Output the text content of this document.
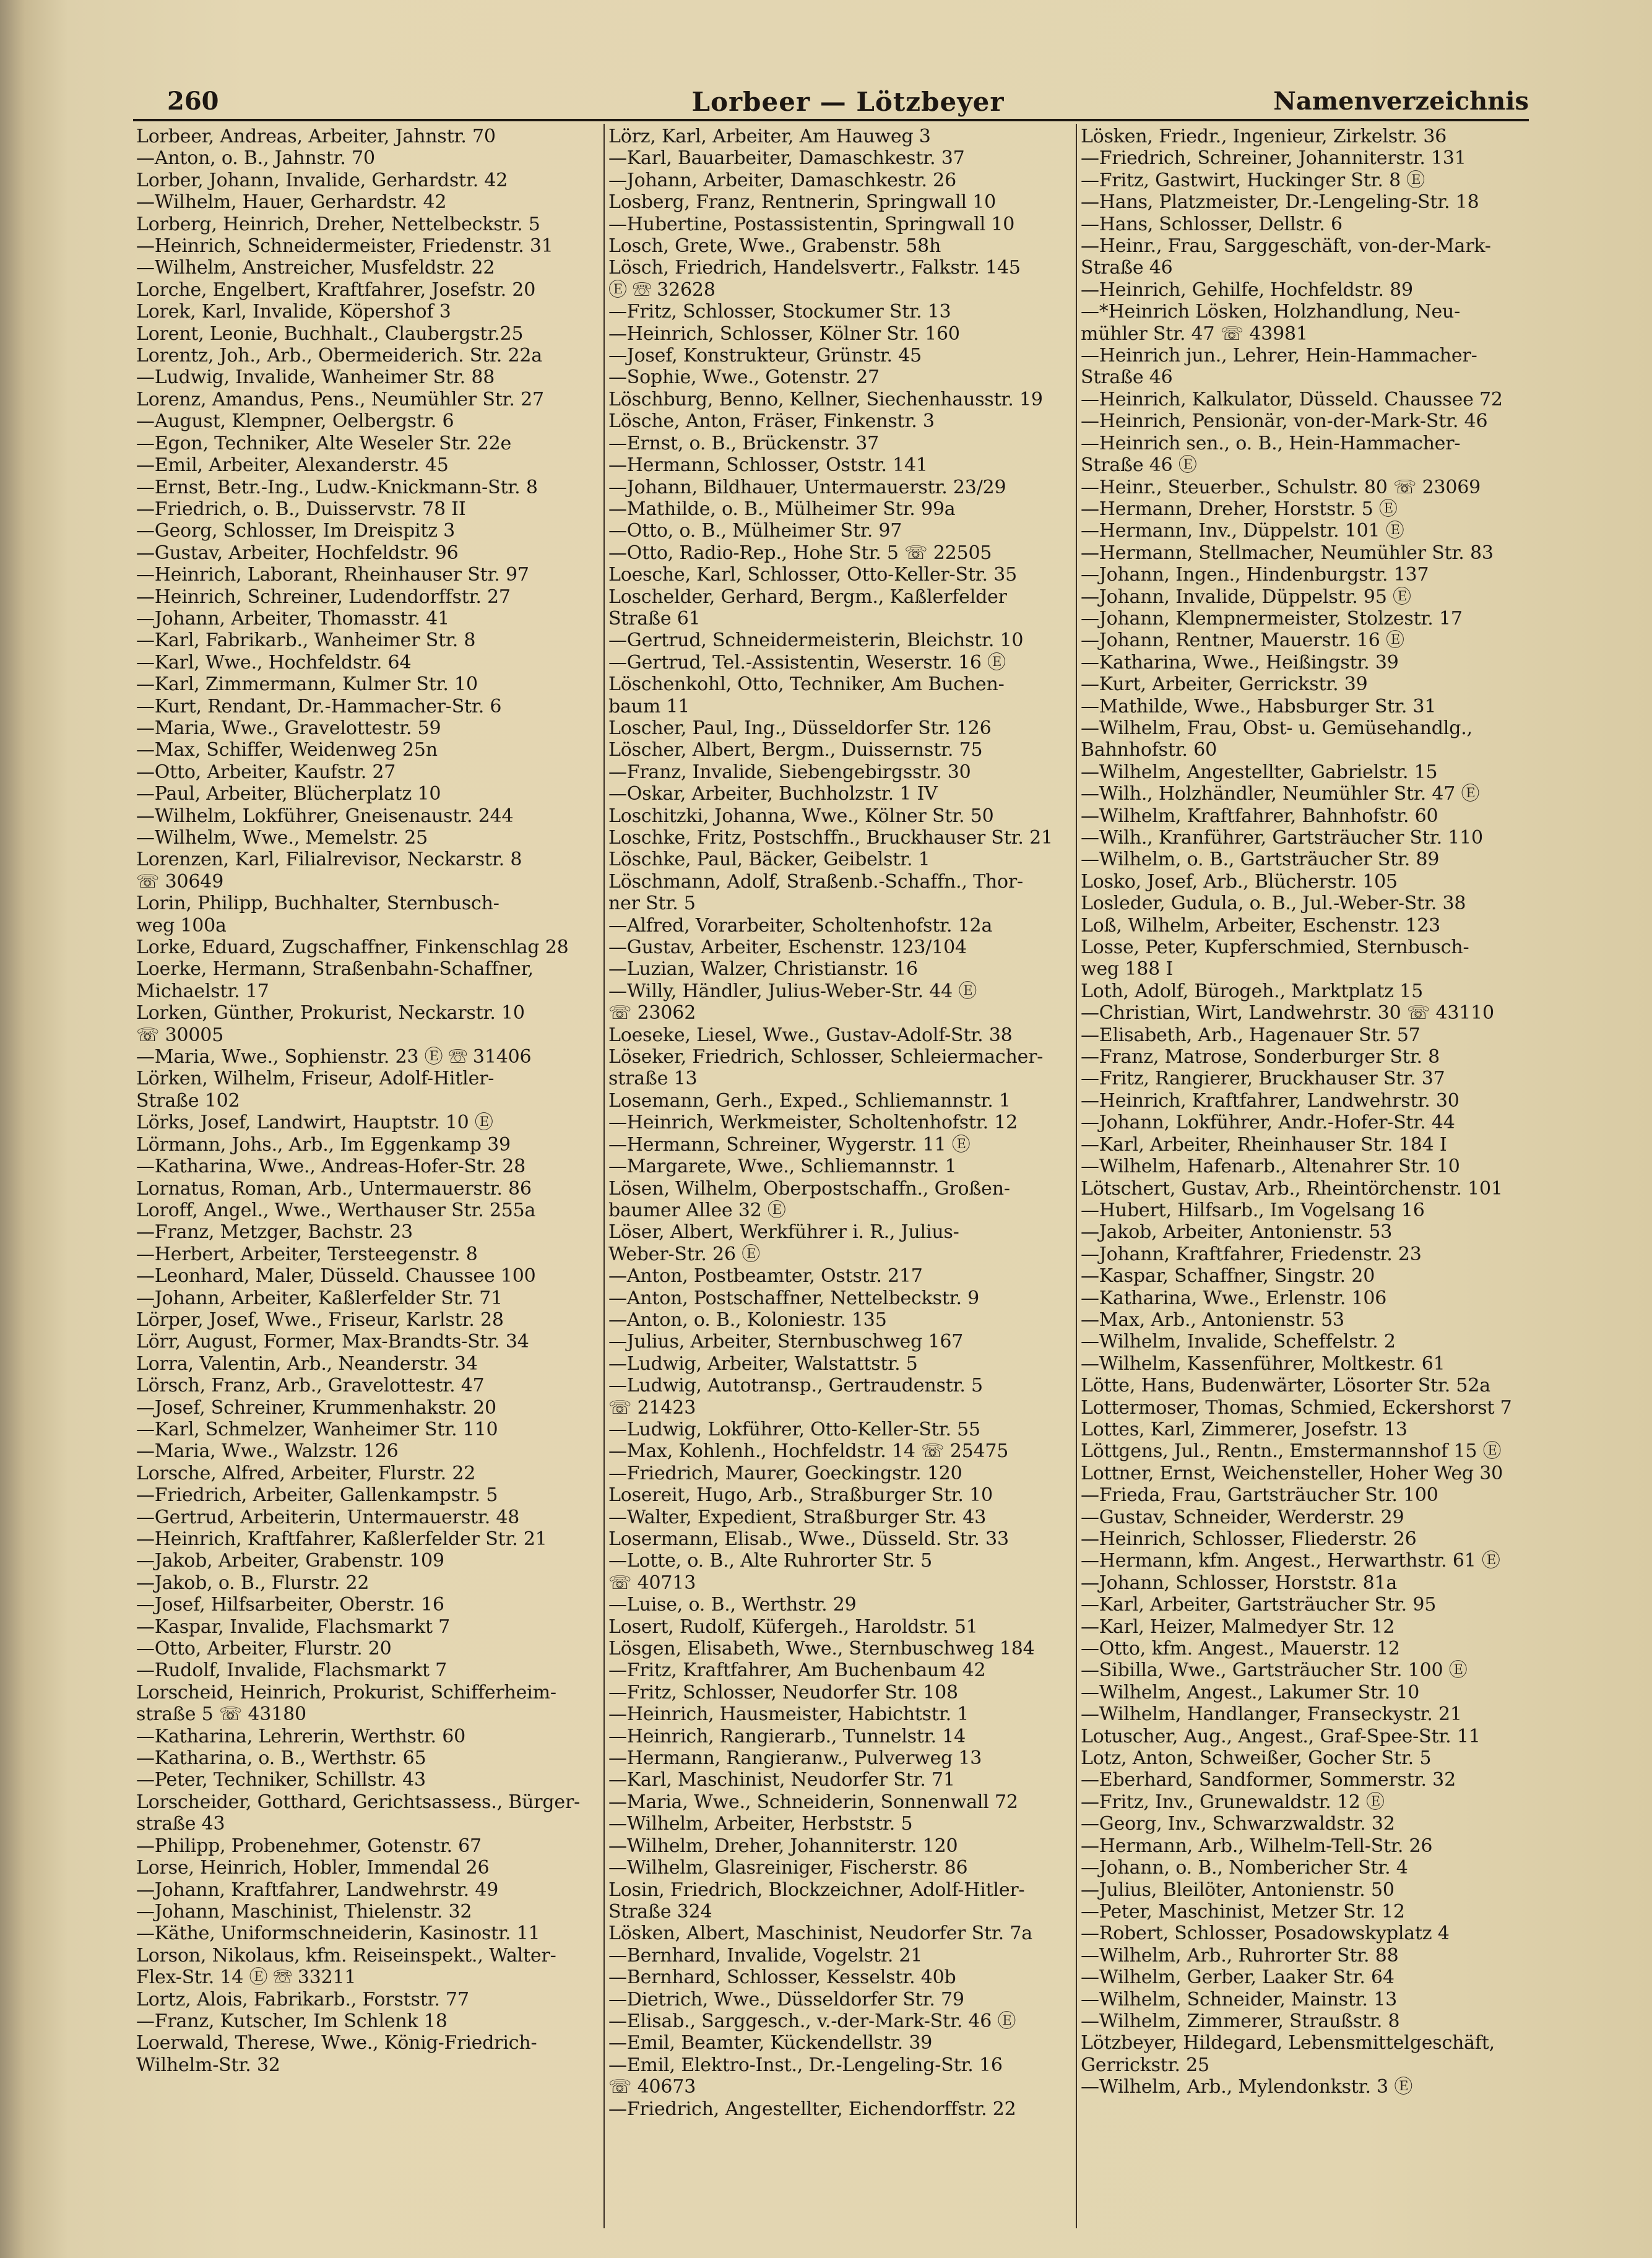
260	Lorbeer — Lötzbeyer	Namenverzeichnis
Lorbeer, Andreas, Arbeiter, Jahnstr. 70
—Anton, o. B., Jahnstr. 70
Lorber, Johann, Invalide, Gerhardstr. 42
—Wilhelm, Hauer, Gerhardstr. 42
Lorberg, Heinrich, Dreher, Nettelbeckstr. 5
—Heinrich, Schneidermeister, Friedenstr. 31
—Wilhelm, Anstreicher, Musfeldstr. 22
Lorche, Engelbert, Kraftfahrer, Josefstr. 20
Lorek, Karl, Invalide, Köpershof 3
Lorent, Leonie, Buchhalt., Claubergstr.25
Lorentz, Joh., Arb., Obermeiderich. Str. 22a
—Ludwig, Invalide, Wanheimer Str. 88
Lorenz, Amandus, Pens., Neumühler Str. 27
—August, Klempner, Oelbergstr. 6
—Egon, Techniker, Alte Weseler Str. 22e
—Emil, Arbeiter, Alexanderstr. 45
—Ernst, Betr.-Ing., Ludw.-Knickmann-Str. 8
—Friedrich, o. B., Duisservstr. 78 II
—Georg, Schlosser, Im Dreispitz 3
—Gustav, Arbeiter, Hochfeldstr. 96
—Heinrich, Laborant, Rheinhauser Str. 97
—Heinrich, Schreiner, Ludendorffstr. 27
—Johann, Arbeiter, Thomasstr. 41
—Karl, Fabrikarb., Wanheimer Str. 8
—Karl, Wwe., Hochfeldstr. 64
—Karl, Zimmermann, Kulmer Str. 10
—Kurt, Rendant, Dr.-Hammacher-Str. 6
—Maria, Wwe., Gravelottestr. 59
—Max, Schiffer, Weidenweg 25n
—Otto, Arbeiter, Kaufstr. 27
—Paul, Arbeiter, Blücherplatz 10
—Wilhelm, Lokführer, Gneisenaustr. 244
—Wilhelm, Wwe., Memelstr. 25
Lorenzen, Karl, Filialrevisor, Neckarstr. 8
☏ 30649
Lorin, Philipp, Buchhalter, Sternbusch-
weg 100a
Lorke, Eduard, Zugschaffner, Finkenschlag 28
Loerke, Hermann, Straßenbahn-Schaffner,
Michaelstr. 17
Lorken, Günther, Prokurist, Neckarstr. 10
☏ 30005
—Maria, Wwe., Sophienstr. 23 Ⓔ ☏ 31406
Lörken, Wilhelm, Friseur, Adolf-Hitler-
Straße 102
Lörks, Josef, Landwirt, Hauptstr. 10 Ⓔ
Lörmann, Johs., Arb., Im Eggenkamp 39
—Katharina, Wwe., Andreas-Hofer-Str. 28
Lornatus, Roman, Arb., Untermauerstr. 86
Loroff, Angel., Wwe., Werthauser Str. 255a
—Franz, Metzger, Bachstr. 23
—Herbert, Arbeiter, Tersteegenstr. 8
—Leonhard, Maler, Düsseld. Chaussee 100
—Johann, Arbeiter, Kaßlerfelder Str. 71
Lörper, Josef, Wwe., Friseur, Karlstr. 28
Lörr, August, Former, Max-Brandts-Str. 34
Lorra, Valentin, Arb., Neanderstr. 34
Lörsch, Franz, Arb., Gravelottestr. 47
—Josef, Schreiner, Krummenhakstr. 20
—Karl, Schmelzer, Wanheimer Str. 110
—Maria, Wwe., Walzstr. 126
Lorsche, Alfred, Arbeiter, Flurstr. 22
—Friedrich, Arbeiter, Gallenkampstr. 5
—Gertrud, Arbeiterin, Untermauerstr. 48
—Heinrich, Kraftfahrer, Kaßlerfelder Str. 21
—Jakob, Arbeiter, Grabenstr. 109
—Jakob, o. B., Flurstr. 22
—Josef, Hilfsarbeiter, Oberstr. 16
—Kaspar, Invalide, Flachsmarkt 7
—Otto, Arbeiter, Flurstr. 20
—Rudolf, Invalide, Flachsmarkt 7
Lorscheid, Heinrich, Prokurist, Schifferheim-
straße 5 ☏ 43180
—Katharina, Lehrerin, Werthstr. 60
—Katharina, o. B., Werthstr. 65
—Peter, Techniker, Schillstr. 43
Lorscheider, Gotthard, Gerichtsassess., Bürger-
straße 43
—Philipp, Probenehmer, Gotenstr. 67
Lorse, Heinrich, Hobler, Immendal 26
—Johann, Kraftfahrer, Landwehrstr. 49
—Johann, Maschinist, Thielenstr. 32
—Käthe, Uniformschneiderin, Kasinostr. 11
Lorson, Nikolaus, kfm. Reiseinspekt., Walter-
Flex-Str. 14 Ⓔ ☏ 33211
Lortz, Alois, Fabrikarb., Forststr. 77
—Franz, Kutscher, Im Schlenk 18
Loerwald, Therese, Wwe., König-Friedrich-
Wilhelm-Str. 32
Lörz, Karl, Arbeiter, Am Hauweg 3
—Karl, Bauarbeiter, Damaschkestr. 37
—Johann, Arbeiter, Damaschkestr. 26
Losberg, Franz, Rentnerin, Springwall 10
—Hubertine, Postassistentin, Springwall 10
Losch, Grete, Wwe., Grabenstr. 58h
Lösch, Friedrich, Handelsvertr., Falkstr. 145
Ⓔ ☏ 32628
—Fritz, Schlosser, Stockumer Str. 13
—Heinrich, Schlosser, Kölner Str. 160
—Josef, Konstrukteur, Grünstr. 45
—Sophie, Wwe., Gotenstr. 27
Löschburg, Benno, Kellner, Siechenhausstr. 19
Lösche, Anton, Fräser, Finkenstr. 3
—Ernst, o. B., Brückenstr. 37
—Hermann, Schlosser, Oststr. 141
—Johann, Bildhauer, Untermauerstr. 23/29
—Mathilde, o. B., Mülheimer Str. 99a
—Otto, o. B., Mülheimer Str. 97
—Otto, Radio-Rep., Hohe Str. 5 ☏ 22505
Loesche, Karl, Schlosser, Otto-Keller-Str. 35
Loschelder, Gerhard, Bergm., Kaßlerfelder
Straße 61
—Gertrud, Schneidermeisterin, Bleichstr. 10
—Gertrud, Tel.-Assistentin, Weserstr. 16 Ⓔ
Löschenkohl, Otto, Techniker, Am Buchen-
baum 11
Loscher, Paul, Ing., Düsseldorfer Str. 126
Löscher, Albert, Bergm., Duissernstr. 75
—Franz, Invalide, Siebengebirgsstr. 30
—Oskar, Arbeiter, Buchholzstr. 1 IV
Loschitzki, Johanna, Wwe., Kölner Str. 50
Loschke, Fritz, Postschffn., Bruckhauser Str. 21
Löschke, Paul, Bäcker, Geibelstr. 1
Löschmann, Adolf, Straßenb.-Schaffn., Thor-
ner Str. 5
—Alfred, Vorarbeiter, Scholtenhofstr. 12a
—Gustav, Arbeiter, Eschenstr. 123/104
—Luzian, Walzer, Christianstr. 16
—Willy, Händler, Julius-Weber-Str. 44 Ⓔ
☏ 23062
Loeseke, Liesel, Wwe., Gustav-Adolf-Str. 38
Löseker, Friedrich, Schlosser, Schleiermacher-
straße 13
Losemann, Gerh., Exped., Schliemannstr. 1
—Heinrich, Werkmeister, Scholtenhofstr. 12
—Hermann, Schreiner, Wygerstr. 11 Ⓔ
—Margarete, Wwe., Schliemannstr. 1
Lösen, Wilhelm, Oberpostschaffn., Großen-
baumer Allee 32 Ⓔ
Löser, Albert, Werkführer i. R., Julius-
Weber-Str. 26 Ⓔ
—Anton, Postbeamter, Oststr. 217
—Anton, Postschaffner, Nettelbeckstr. 9
—Anton, o. B., Koloniestr. 135
—Julius, Arbeiter, Sternbuschweg 167
—Ludwig, Arbeiter, Walstattstr. 5
—Ludwig, Autotransp., Gertraudenstr. 5
☏ 21423
—Ludwig, Lokführer, Otto-Keller-Str. 55
—Max, Kohlenh., Hochfeldstr. 14 ☏ 25475
—Friedrich, Maurer, Goeckingstr. 120
Losereit, Hugo, Arb., Straßburger Str. 10
—Walter, Expedient, Straßburger Str. 43
Losermann, Elisab., Wwe., Düsseld. Str. 33
—Lotte, o. B., Alte Ruhrorter Str. 5
☏ 40713
—Luise, o. B., Werthstr. 29
Losert, Rudolf, Küfergeh., Haroldstr. 51
Lösgen, Elisabeth, Wwe., Sternbuschweg 184
—Fritz, Kraftfahrer, Am Buchenbaum 42
—Fritz, Schlosser, Neudorfer Str. 108
—Heinrich, Hausmeister, Habichtstr. 1
—Heinrich, Rangierarb., Tunnelstr. 14
—Hermann, Rangieranw., Pulverweg 13
—Karl, Maschinist, Neudorfer Str. 71
—Maria, Wwe., Schneiderin, Sonnenwall 72
—Wilhelm, Arbeiter, Herbststr. 5
—Wilhelm, Dreher, Johanniterstr. 120
—Wilhelm, Glasreiniger, Fischerstr. 86
Losin, Friedrich, Blockzeichner, Adolf-Hitler-
Straße 324
Lösken, Albert, Maschinist, Neudorfer Str. 7a
—Bernhard, Invalide, Vogelstr. 21
—Bernhard, Schlosser, Kesselstr. 40b
—Dietrich, Wwe., Düsseldorfer Str. 79
—Elisab., Sarggesch., v.-der-Mark-Str. 46 Ⓔ
—Emil, Beamter, Kückendellstr. 39
—Emil, Elektro-Inst., Dr.-Lengeling-Str. 16
☏ 40673
—Friedrich, Angestellter, Eichendorffstr. 22
Lösken, Friedr., Ingenieur, Zirkelstr. 36
—Friedrich, Schreiner, Johanniterstr. 131
—Fritz, Gastwirt, Huckinger Str. 8 Ⓔ
—Hans, Platzmeister, Dr.-Lengeling-Str. 18
—Hans, Schlosser, Dellstr. 6
—Heinr., Frau, Sarggeschäft, von-der-Mark-
Straße 46
—Heinrich, Gehilfe, Hochfeldstr. 89
—*Heinrich Lösken, Holzhandlung, Neu-
mühler Str. 47 ☏ 43981
—Heinrich jun., Lehrer, Hein-Hammacher-
Straße 46
—Heinrich, Kalkulator, Düsseld. Chaussee 72
—Heinrich, Pensionär, von-der-Mark-Str. 46
—Heinrich sen., o. B., Hein-Hammacher-
Straße 46 Ⓔ
—Heinr., Steuerber., Schulstr. 80 ☏ 23069
—Hermann, Dreher, Horststr. 5 Ⓔ
—Hermann, Inv., Düppelstr. 101 Ⓔ
—Hermann, Stellmacher, Neumühler Str. 83
—Johann, Ingen., Hindenburgstr. 137
—Johann, Invalide, Düppelstr. 95 Ⓔ
—Johann, Klempnermeister, Stolzestr. 17
—Johann, Rentner, Mauerstr. 16 Ⓔ
—Katharina, Wwe., Heißingstr. 39
—Kurt, Arbeiter, Gerrickstr. 39
—Mathilde, Wwe., Habsburger Str. 31
—Wilhelm, Frau, Obst- u. Gemüsehandlg.,
Bahnhofstr. 60
—Wilhelm, Angestellter, Gabrielstr. 15
—Wilh., Holzhändler, Neumühler Str. 47 Ⓔ
—Wilhelm, Kraftfahrer, Bahnhofstr. 60
—Wilh., Kranführer, Gartsträucher Str. 110
—Wilhelm, o. B., Gartsträucher Str. 89
Losko, Josef, Arb., Blücherstr. 105
Losleder, Gudula, o. B., Jul.-Weber-Str. 38
Loß, Wilhelm, Arbeiter, Eschenstr. 123
Losse, Peter, Kupferschmied, Sternbusch-
weg 188 I
Loth, Adolf, Bürogeh., Marktplatz 15
—Christian, Wirt, Landwehrstr. 30 ☏ 43110
—Elisabeth, Arb., Hagenauer Str. 57
—Franz, Matrose, Sonderburger Str. 8
—Fritz, Rangierer, Bruckhauser Str. 37
—Heinrich, Kraftfahrer, Landwehrstr. 30
—Johann, Lokführer, Andr.-Hofer-Str. 44
—Karl, Arbeiter, Rheinhauser Str. 184 I
—Wilhelm, Hafenarb., Altenahrer Str. 10
Lötschert, Gustav, Arb., Rheintörchenstr. 101
—Hubert, Hilfsarb., Im Vogelsang 16
—Jakob, Arbeiter, Antonienstr. 53
—Johann, Kraftfahrer, Friedenstr. 23
—Kaspar, Schaffner, Singstr. 20
—Katharina, Wwe., Erlenstr. 106
—Max, Arb., Antonienstr. 53
—Wilhelm, Invalide, Scheffelstr. 2
—Wilhelm, Kassenführer, Moltkestr. 61
Lötte, Hans, Budenwärter, Lösorter Str. 52a
Lottermoser, Thomas, Schmied, Eckershorst 7
Lottes, Karl, Zimmerer, Josefstr. 13
Löttgens, Jul., Rentn., Emstermannshof 15 Ⓔ
Lottner, Ernst, Weichensteller, Hoher Weg 30
—Frieda, Frau, Gartsträucher Str. 100
—Gustav, Schneider, Werderstr. 29
—Heinrich, Schlosser, Fliederstr. 26
—Hermann, kfm. Angest., Herwarthstr. 61 Ⓔ
—Johann, Schlosser, Horststr. 81a
—Karl, Arbeiter, Gartsträucher Str. 95
—Karl, Heizer, Malmedyer Str. 12
—Otto, kfm. Angest., Mauerstr. 12
—Sibilla, Wwe., Gartsträucher Str. 100 Ⓔ
—Wilhelm, Angest., Lakumer Str. 10
—Wilhelm, Handlanger, Franseckystr. 21
Lotuscher, Aug., Angest., Graf-Spee-Str. 11
Lotz, Anton, Schweißer, Gocher Str. 5
—Eberhard, Sandformer, Sommerstr. 32
—Fritz, Inv., Grunewaldstr. 12 Ⓔ
—Georg, Inv., Schwarzwaldstr. 32
—Hermann, Arb., Wilhelm-Tell-Str. 26
—Johann, o. B., Nombericher Str. 4
—Julius, Bleilöter, Antonienstr. 50
—Peter, Maschinist, Metzer Str. 12
—Robert, Schlosser, Posadowskyplatz 4
—Wilhelm, Arb., Ruhrorter Str. 88
—Wilhelm, Gerber, Laaker Str. 64
—Wilhelm, Schneider, Mainstr. 13
—Wilhelm, Zimmerer, Straußstr. 8
Lötzbeyer, Hildegard, Lebensmittelgeschäft,
Gerrickstr. 25
—Wilhelm, Arb., Mylendonkstr. 3 Ⓔ
